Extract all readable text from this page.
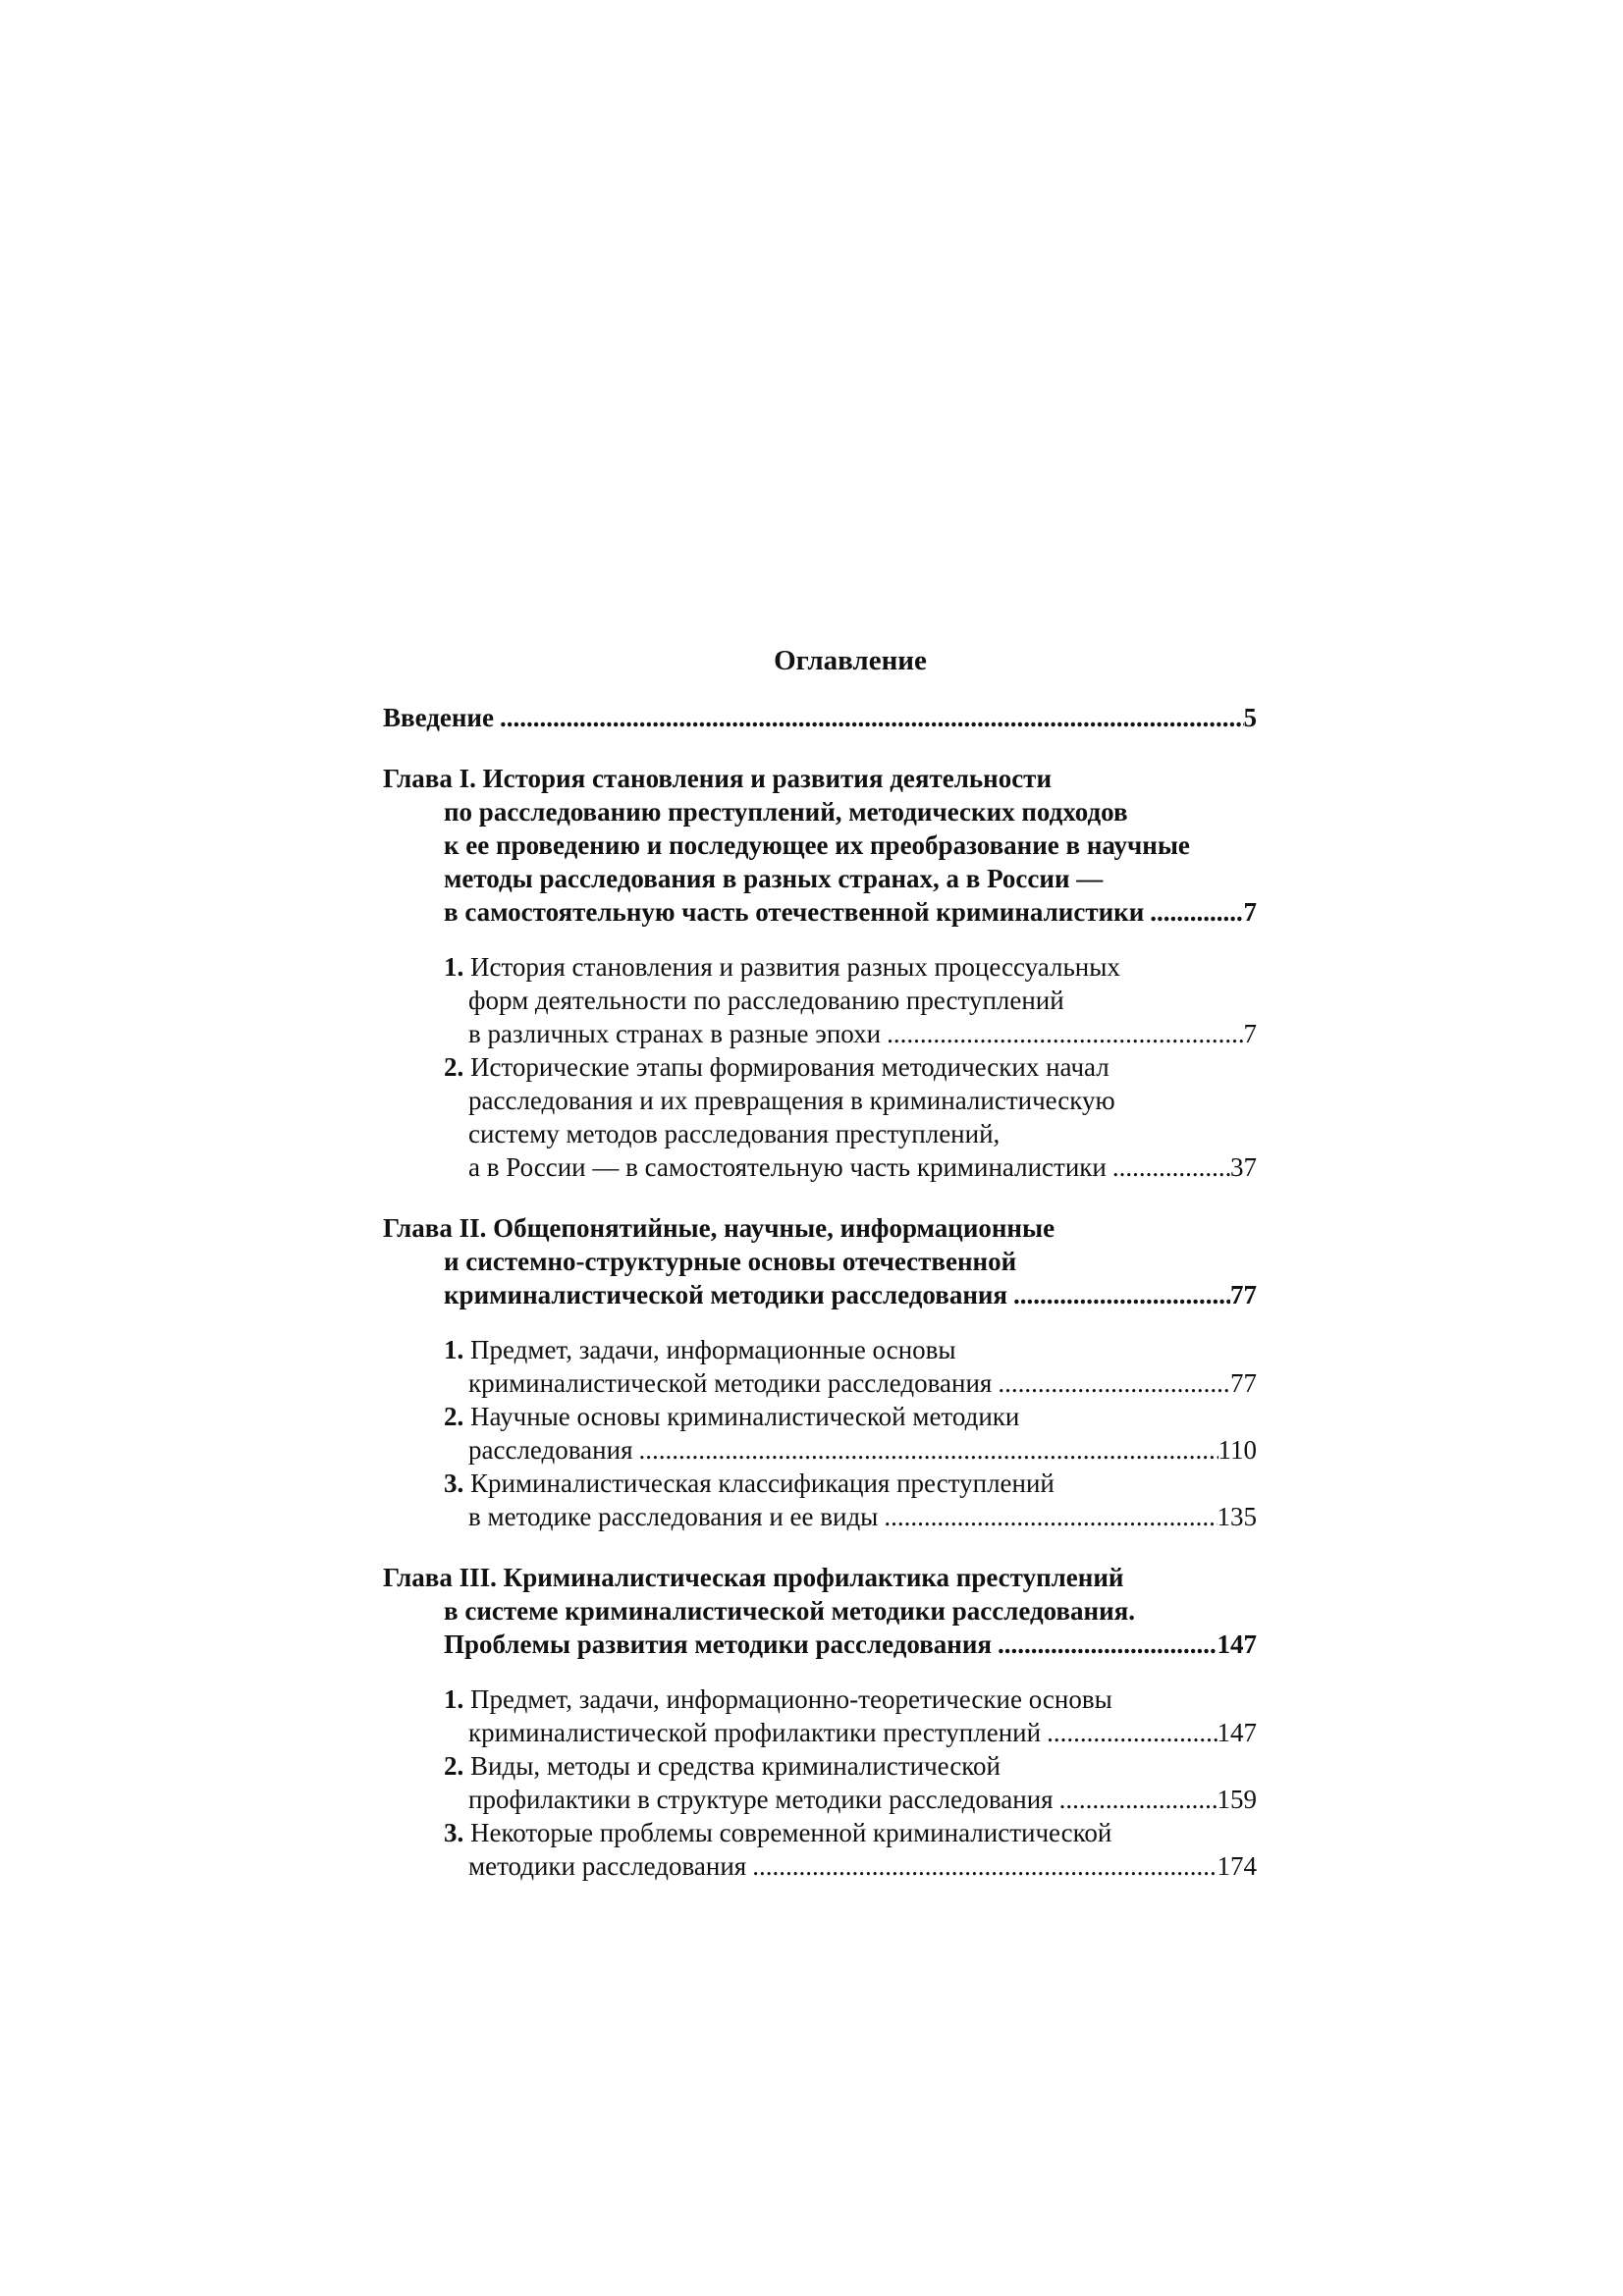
Оглавление
Введение .....	5
Глава I. История становления и развития деятельности
по расследованию преступлений, методических подходов
к ее проведению и последующее их преобразование в научные
методы расследования в разных странах, а в России —
в самостоятельную часть отечественной криминалистики .....	7
1. История становления и развития разных процессуальных
форм деятельности по расследованию преступлений
в различных странах в разные эпохи .....	7
2. Исторические этапы формирования методических начал
расследования и их превращения в криминалистическую
систему методов расследования преступлений,
а в России — в самостоятельную часть криминалистики .....	37
Глава II. Общепонятийные, научные, информационные
и системно-структурные основы отечественной
криминалистической методики расследования .....	77
1. Предмет, задачи, информационные основы
криминалистической методики расследования .....	77
2. Научные основы криминалистической методики
расследования .....	110
3. Криминалистическая классификация преступлений
в методике расследования и ее виды .....	135
Глава III. Криминалистическая профилактика преступлений
в системе криминалистической методики расследования.
Проблемы развития методики расследования .....	147
1. Предмет, задачи, информационно-теоретические основы
криминалистической профилактики преступлений .....	147
2. Виды, методы и средства криминалистической
профилактики в структуре методики расследования .....	159
3. Некоторые проблемы современной криминалистической
методики расследования .....	174
